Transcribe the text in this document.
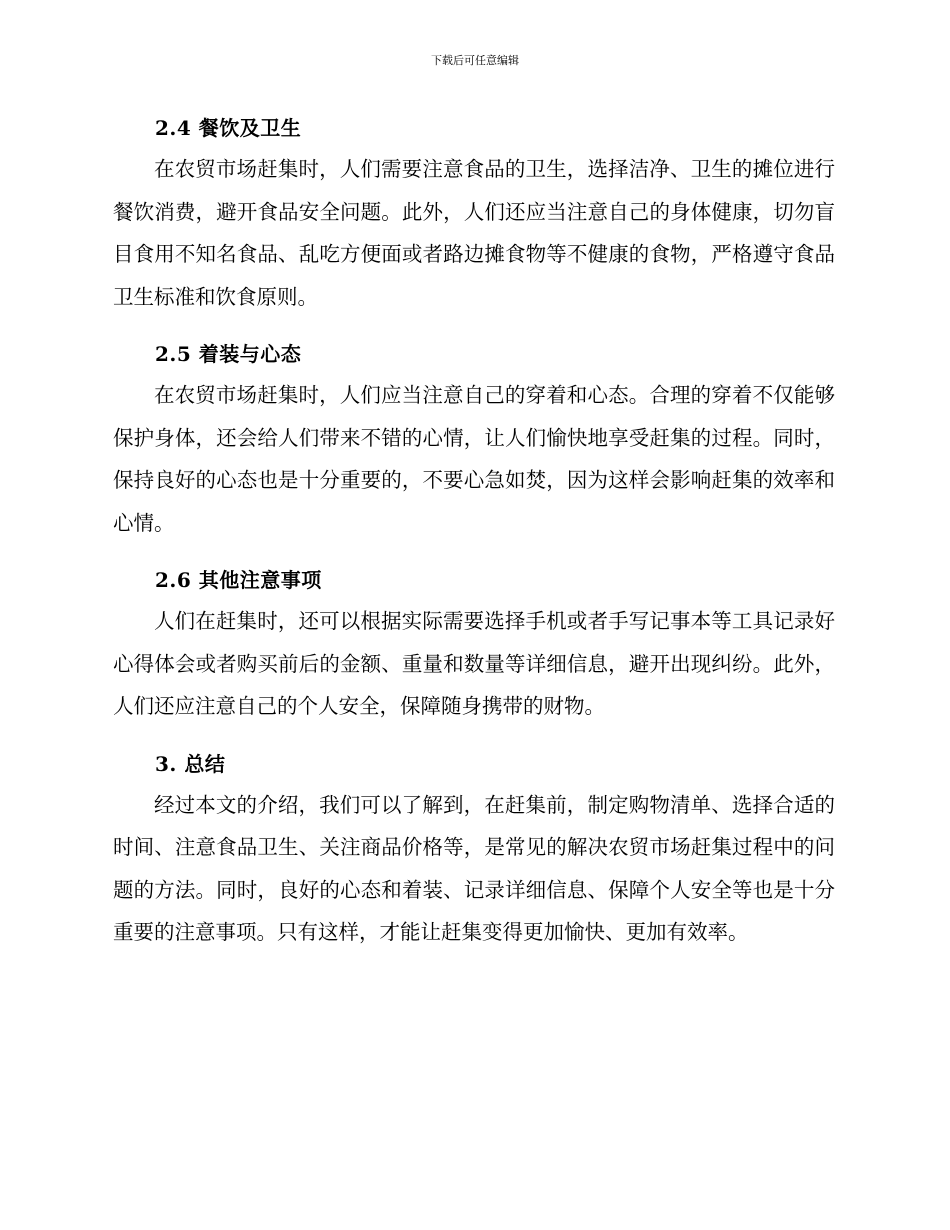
下载后可任意编辑
2.4 餐饮及卫生

在农贸市场赶集时，人们需要注意食品的卫生，选择洁净、卫生的摊位进行餐饮消费，避开食品安全问题。此外，人们还应当注意自己的身体健康，切勿盲目食用不知名食品、乱吃方便面或者路边摊食物等不健康的食物，严格遵守食品卫生标准和饮食原则。

2.5 着装与心态

在农贸市场赶集时，人们应当注意自己的穿着和心态。合理的穿着不仅能够保护身体，还会给人们带来不错的心情，让人们愉快地享受赶集的过程。同时，保持良好的心态也是十分重要的，不要心急如焚，因为这样会影响赶集的效率和心情。

2.6 其他注意事项

人们在赶集时，还可以根据实际需要选择手机或者手写记事本等工具记录好心得体会或者购买前后的金额、重量和数量等详细信息，避开出现纠纷。此外，人们还应注意自己的个人安全，保障随身携带的财物。

3. 总结

经过本文的介绍，我们可以了解到，在赶集前，制定购物清单、选择合适的时间、注意食品卫生、关注商品价格等，是常见的解决农贸市场赶集过程中的问题的方法。同时，良好的心态和着装、记录详细信息、保障个人安全等也是十分重要的注意事项。只有这样，才能让赶集变得更加愉快、更加有效率。
